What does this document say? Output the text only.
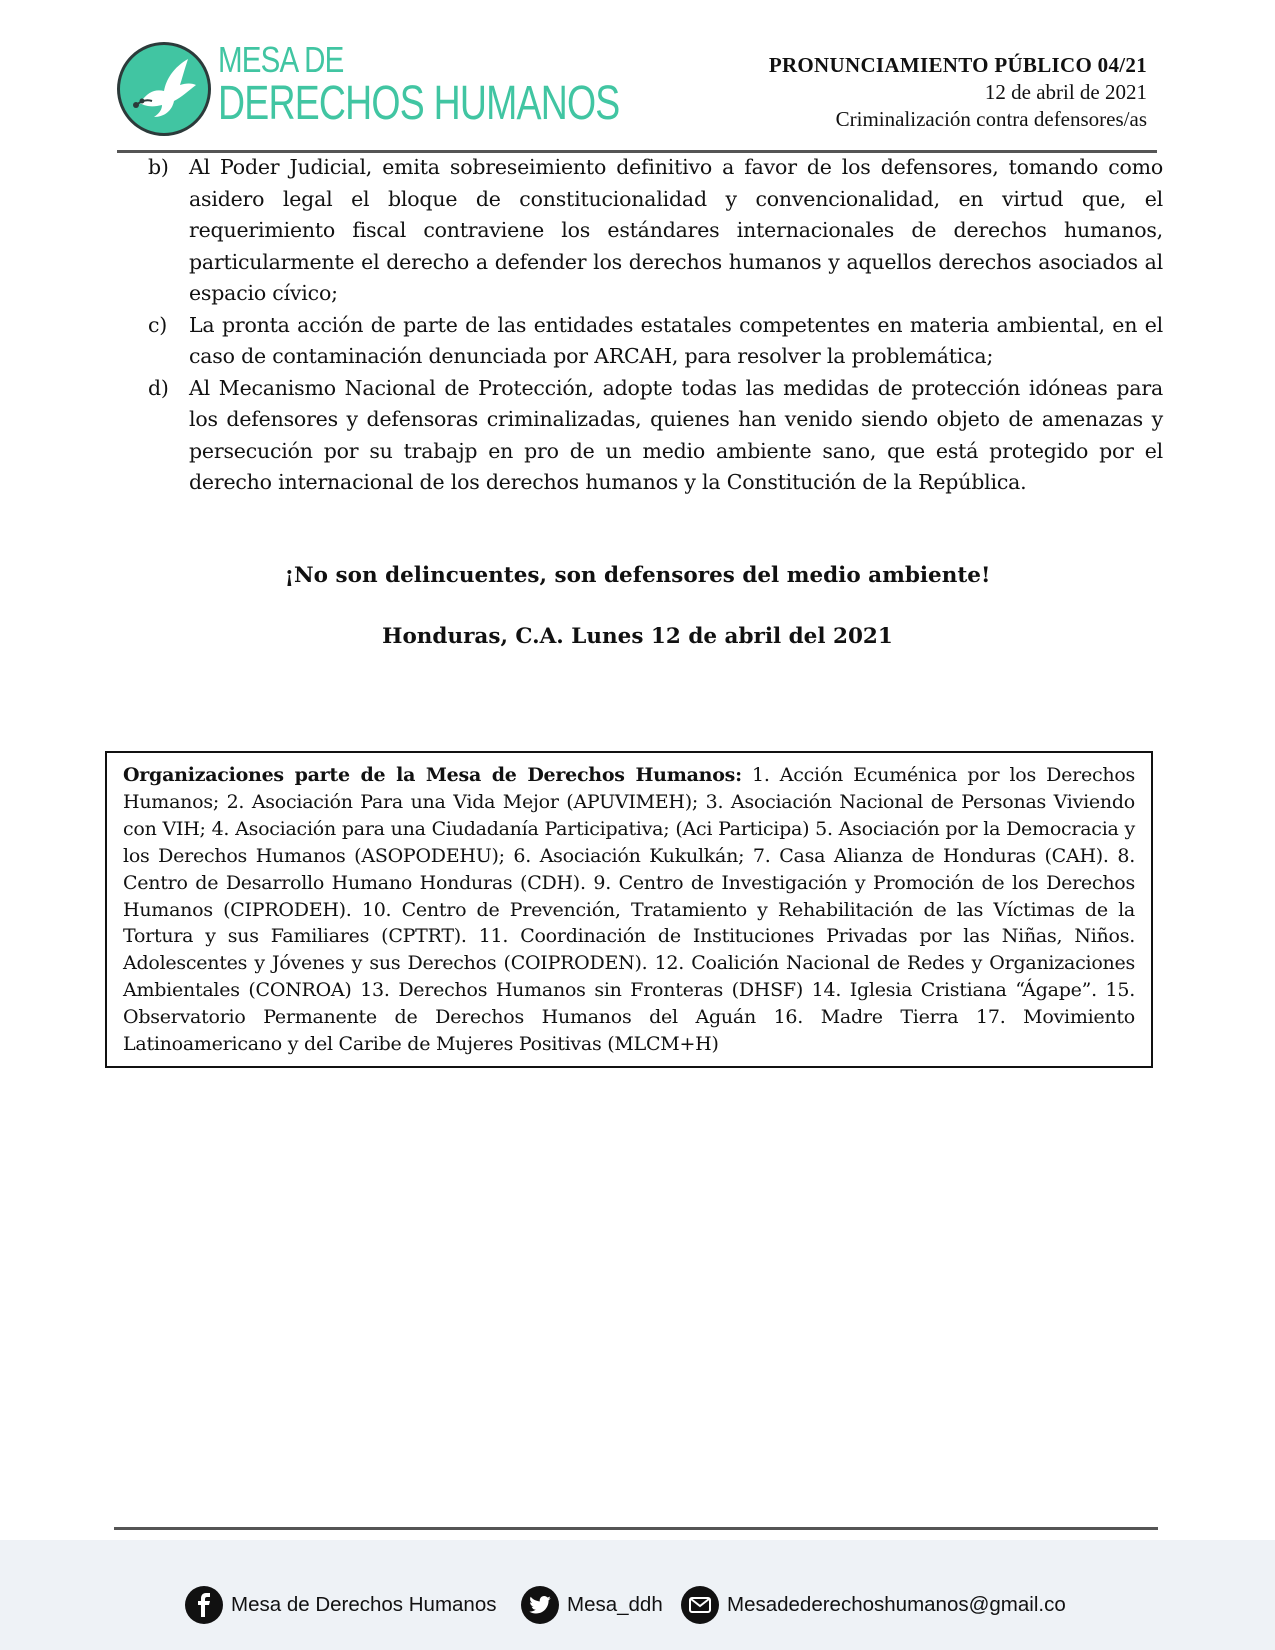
MESA DE
DERECHOS HUMANOS
PRONUNCIAMIENTO PÚBLICO 04/21
12 de abril de 2021
Criminalización contra defensores/as
b) Al Poder Judicial, emita sobreseimiento definitivo a favor de los defensores, tomando como asidero legal el bloque de constitucionalidad y convencionalidad, en virtud que, el requerimiento fiscal contraviene los estándares internacionales de derechos humanos, particularmente el derecho a defender los derechos humanos y aquellos derechos asociados al espacio cívico;
c) La pronta acción de parte de las entidades estatales competentes en materia ambiental, en el caso de contaminación denunciada por ARCAH, para resolver la problemática;
d) Al Mecanismo Nacional de Protección, adopte todas las medidas de protección idóneas para los defensores y defensoras criminalizadas, quienes han venido siendo objeto de amenazas y persecución por su trabajp en pro de un medio ambiente sano, que está protegido por el derecho internacional de los derechos humanos y la Constitución de la República.
¡No son delincuentes, son defensores del medio ambiente!
Honduras, C.A. Lunes 12 de abril del 2021
Organizaciones parte de la Mesa de Derechos Humanos: 1. Acción Ecuménica por los Derechos Humanos; 2. Asociación Para una Vida Mejor (APUVIMEH); 3. Asociación Nacional de Personas Viviendo con VIH; 4. Asociación para una Ciudadanía Participativa; (Aci Participa) 5. Asociación por la Democracia y los Derechos Humanos (ASOPODEHU); 6. Asociación Kukulkán; 7. Casa Alianza de Honduras (CAH). 8. Centro de Desarrollo Humano Honduras (CDH). 9. Centro de Investigación y Promoción de los Derechos Humanos (CIPRODEH). 10. Centro de Prevención, Tratamiento y Rehabilitación de las Víctimas de la Tortura y sus Familiares (CPTRT). 11. Coordinación de Instituciones Privadas por las Niñas, Niños. Adolescentes y Jóvenes y sus Derechos (COIPRODEN). 12. Coalición Nacional de Redes y Organizaciones Ambientales (CONROA) 13. Derechos Humanos sin Fronteras (DHSF) 14. Iglesia Cristiana “Ágape”. 15. Observatorio Permanente de Derechos Humanos del Aguán 16. Madre Tierra 17. Movimiento Latinoamericano y del Caribe de Mujeres Positivas (MLCM+H)
Mesa de Derechos Humanos	Mesa_ddh	Mesadederechoshumanos@gmail.co
